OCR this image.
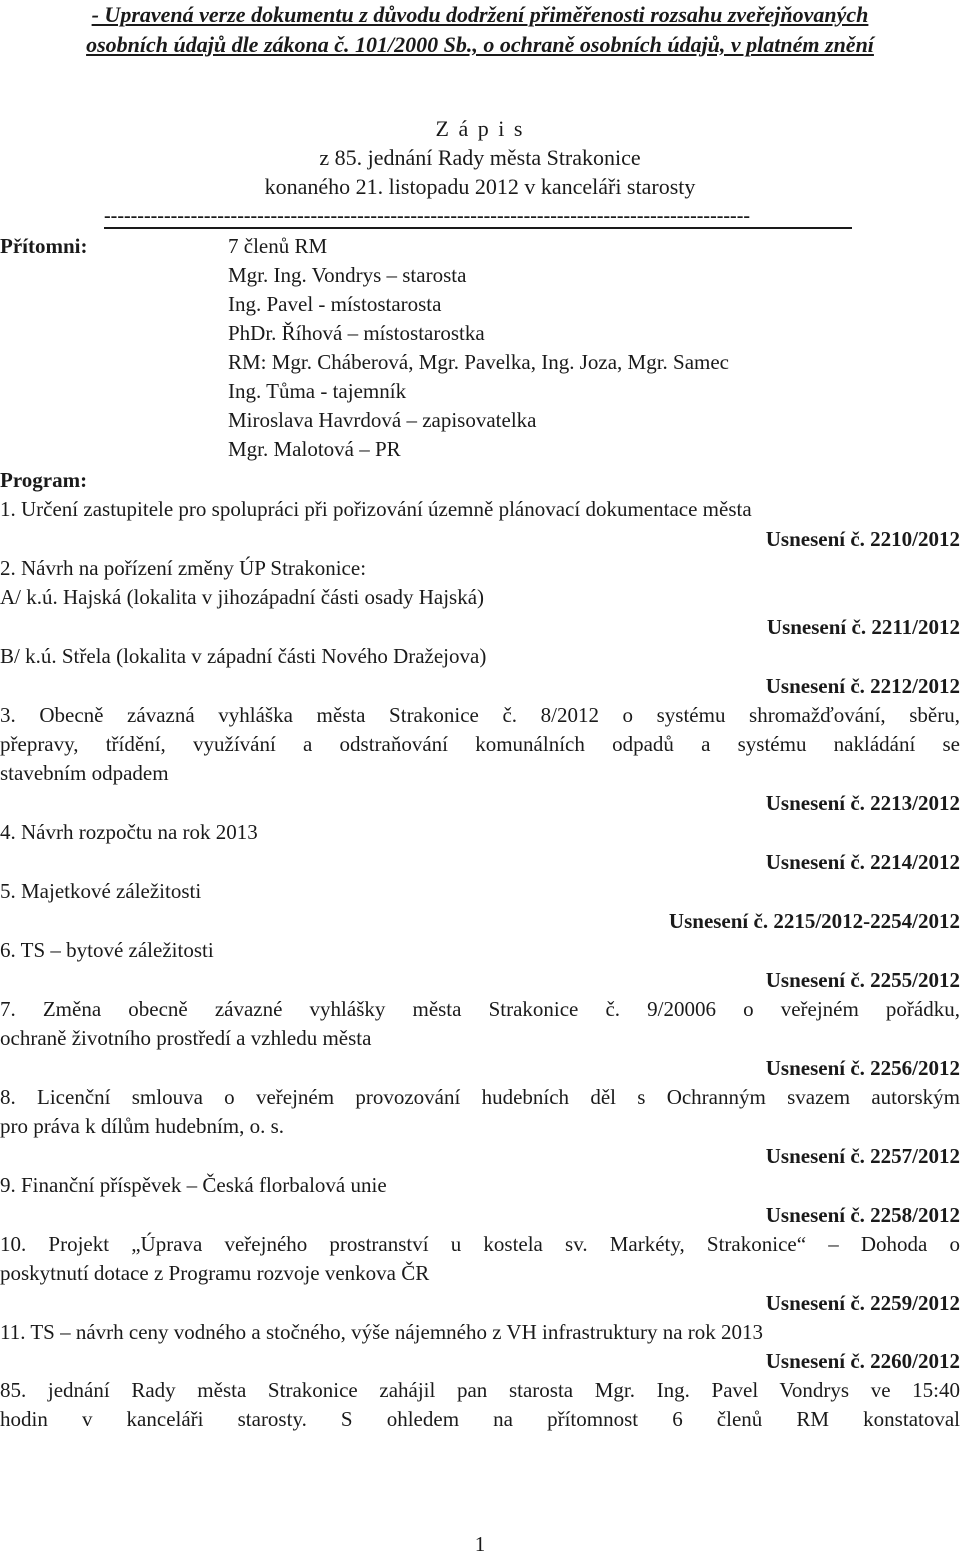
- Upravená verze dokumentu z důvodu dodržení přiměřenosti rozsahu zveřejňovaných
osobních údajů dle zákona č. 101/2000 Sb., o ochraně osobních údajů, v platném znění
Z á p i s
z 85. jednání Rady města Strakonice
konaného 21. listopadu 2012 v kanceláři starosty
-------------------------------------------------------------------------------------------------
Přítomni:	7 členů RM
Mgr. Ing. Vondrys – starosta
Ing. Pavel - místostarosta
PhDr. Říhová – místostarostka
RM: Mgr. Cháberová, Mgr. Pavelka, Ing. Joza, Mgr. Samec
Ing. Tůma - tajemník
Miroslava Havrdová – zapisovatelka
Mgr. Malotová – PR
Program:
1. Určení zastupitele pro spolupráci při pořizování územně plánovací dokumentace města
Usnesení č. 2210/2012
2. Návrh na pořízení změny ÚP Strakonice:
A/ k.ú. Hajská (lokalita v jihozápadní části osady Hajská)
Usnesení č. 2211/2012
B/ k.ú. Střela (lokalita v západní části Nového Dražejova)
Usnesení č. 2212/2012
3. Obecně závazná vyhláška města Strakonice č. 8/2012 o systému shromažďování, sběru,
přepravy, třídění, využívání a odstraňování komunálních odpadů a systému nakládání se
stavebním odpadem
Usnesení č. 2213/2012
4. Návrh rozpočtu na rok 2013
Usnesení č. 2214/2012
5. Majetkové záležitosti
Usnesení č. 2215/2012-2254/2012
6. TS – bytové záležitosti
Usnesení č. 2255/2012
7. Změna obecně závazné vyhlášky města Strakonice č. 9/20006 o veřejném pořádku,
ochraně životního prostředí a vzhledu města
Usnesení č. 2256/2012
8. Licenční smlouva o veřejném provozování hudebních děl s Ochranným svazem autorským
pro práva k dílům hudebním, o. s.
Usnesení č. 2257/2012
9. Finanční příspěvek – Česká florbalová unie
Usnesení č. 2258/2012
10. Projekt „Úprava veřejného prostranství u kostela sv. Markéty, Strakonice“ – Dohoda o
poskytnutí dotace z Programu rozvoje venkova ČR
Usnesení č. 2259/2012
11. TS – návrh ceny vodného a stočného, výše nájemného z VH infrastruktury na rok 2013
Usnesení č. 2260/2012
85. jednání Rady města Strakonice zahájil pan starosta Mgr. Ing. Pavel Vondrys ve 15:40
hodin v kanceláři starosty. S ohledem na přítomnost 6 členů RM konstatoval
1
